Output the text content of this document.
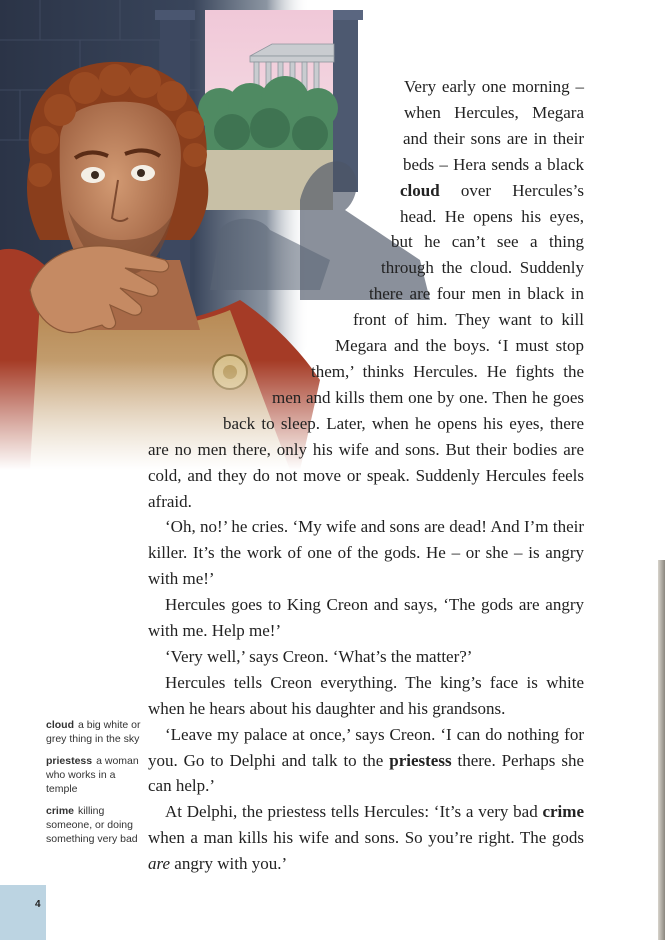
Very early one morning – when Hercules, Megara and their sons are in their beds – Hera sends a black cloud over Hercules’s head. He opens his eyes, but he can’t see a thing through the cloud. Suddenly there are four men in black in front of him. They want to kill Megara and the boys. ‘I must stop them,’ thinks Hercules. He fights the men and kills them one by one. Then he goes back to sleep. Later, when he opens his eyes, there are no men there, only his wife and sons. But their bodies are cold, and they do not move or speak. Suddenly Hercules feels afraid.

‘Oh, no!’ he cries. ‘My wife and sons are dead! And I’m their killer. It’s the work of one of the gods. He – or she – is angry with me!’

Hercules goes to King Creon and says, ‘The gods are angry with me. Help me!’

‘Very well,’ says Creon. ‘What’s the matter?’

Hercules tells Creon everything. The king’s face is white when he hears about his daughter and his grandsons.

‘Leave my palace at once,’ says Creon. ‘I can do nothing for you. Go to Delphi and talk to the priestess there. Perhaps she can help.’

At Delphi, the priestess tells Hercules: ‘It’s a very bad crime when a man kills his wife and sons. So you’re right. The gods are angry with you.’

cloud a big white or grey thing in the sky
priestess a woman who works in a temple
crime killing someone, or doing something very bad
4
